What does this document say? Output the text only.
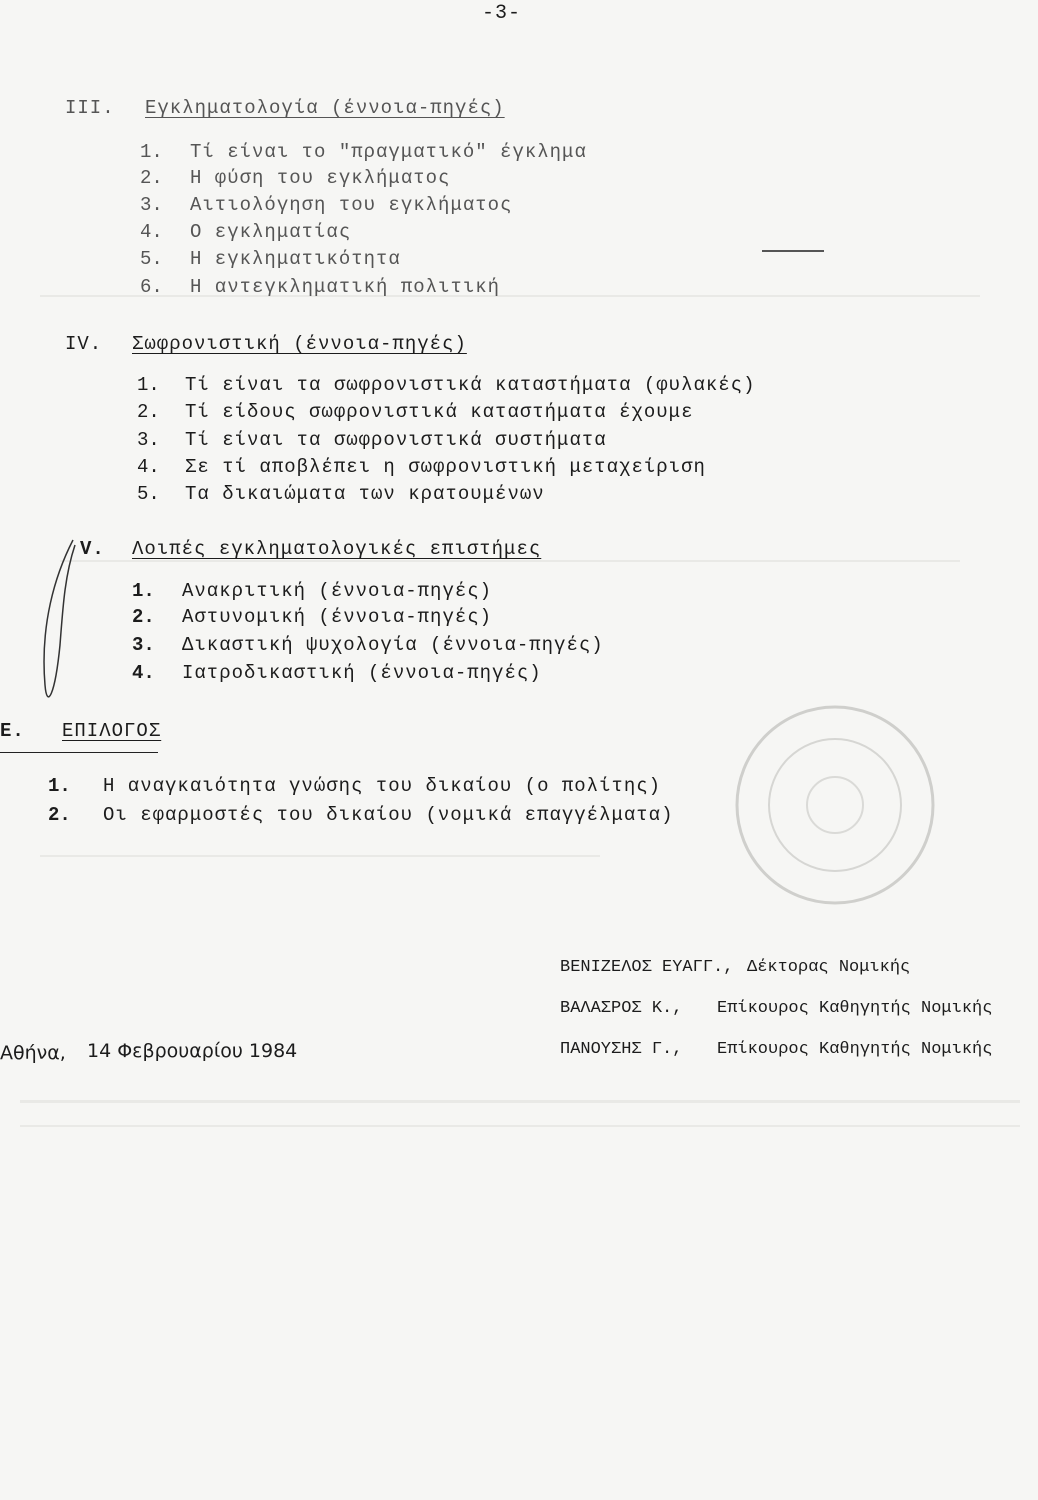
-3-
III. Εγκληματολογία (έννοια-πηγές)
1. Τί είναι το "πραγματικό" έγκλημα
2. Η φύση του εγκλήματος
3. Αιτιολόγηση του εγκλήματος
4. Ο εγκληματίας
5. Η εγκληματικότητα
6. Η αντεγκληματική πολιτική
IV. Σωφρονιστική (έννοια-πηγές)
1. Τί είναι τα σωφρονιστικά καταστήματα (φυλακές)
2. Τί είδους σωφρονιστικά καταστήματα έχουμε
3. Τί είναι τα σωφρονιστικά συστήματα
4. Σε τί αποβλέπει η σωφρονιστική μεταχείριση
5. Τα δικαιώματα των κρατουμένων
V. Λοιπές εγκληματολογικές επιστήμες
1. Ανακριτική (έννοια-πηγές)
2. Αστυνομική (έννοια-πηγές)
3. Δικαστική ψυχολογία (έννοια-πηγές)
4. Ιατροδικαστική (έννοια-πηγές)
Ε. ΕΠΙΛΟΓΟΣ
1. Η αναγκαιότητα γνώσης του δικαίου (ο πολίτης)
2. Οι εφαρμοστές του δικαίου (νομικά επαγγέλματα)
ΒΕΝΙΖΕΛΟΣ ΕΥΑΓΓ., Δέκτορας Νομικής
ΒΑΛΑΣΡΟΣ Κ., Επίκουρος Καθηγητής Νομικής
ΠΑΝΟΥΣΗΣ Γ., Επίκουρος Καθηγητής Νομικής
Αθήνα, 14 Φεβρουαρίου 1984
